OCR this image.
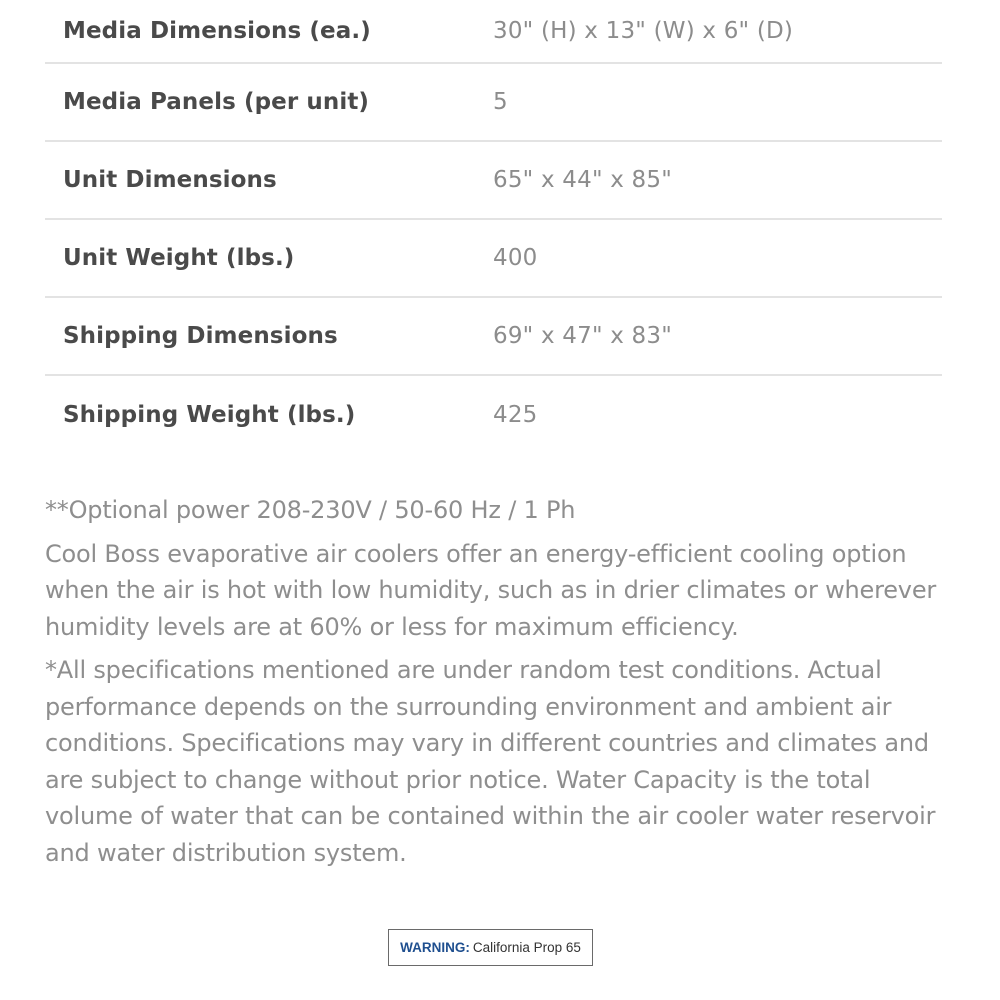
Media Dimensions (ea.)	30" (H) x 13" (W) x 6" (D)
Media Panels (per unit)	5
Unit Dimensions	65" x 44" x 85"
Unit Weight (lbs.)	400
Shipping Dimensions	69" x 47" x 83"
Shipping Weight (lbs.)	425

**Optional power 208-230V / 50-60 Hz / 1 Ph

Cool Boss evaporative air coolers offer an energy-efficient cooling option when the air is hot with low humidity, such as in drier climates or wherever humidity levels are at 60% or less for maximum efficiency.

*All specifications mentioned are under random test conditions. Actual performance depends on the surrounding environment and ambient air conditions. Specifications may vary in different countries and climates and are subject to change without prior notice. Water Capacity is the total volume of water that can be contained within the air cooler water reservoir and water distribution system.

WARNING: California Prop 65
